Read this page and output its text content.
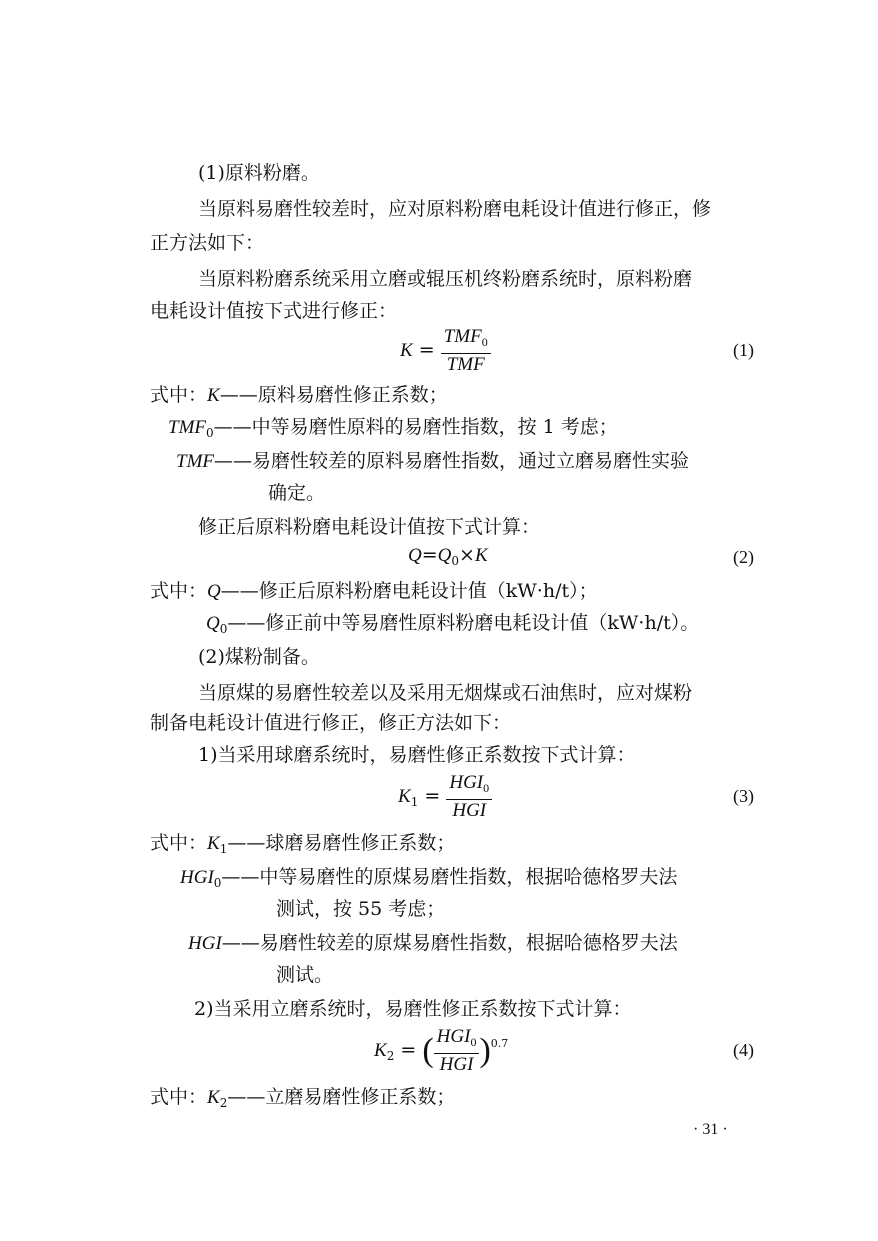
(1)原料粉磨。
当原料易磨性较差时，应对原料粉磨电耗设计值进行修正，修
正方法如下：
当原料粉磨系统采用立磨或辊压机终粉磨系统时，原料粉磨
电耗设计值按下式进行修正：
$K = \frac{TMF_0}{\text{TMF}}$	(1)
式中：K——原料易磨性修正系数；
$TMF_0——$中等易磨性原料的易磨性指数，按 1 考虑；
TMF——易磨性较差的原料易磨性指数，通过立磨易磨性实验
确定。
修正后原料粉磨电耗设计值按下式计算：
$Q=Q_0\times K$	(2)
式中：Q——修正后原料粉磨电耗设计值（kW·h/t）；
$Q_0——$修正前中等易磨性原料粉磨电耗设计值（kW·h/t）。
(2)煤粉制备。
当原煤的易磨性较差以及采用无烟煤或石油焦时，应对煤粉
制备电耗设计值进行修正，修正方法如下：
1)当采用球磨系统时，易磨性修正系数按下式计算：
$K_1 = \frac{HGI_0}{\text{HGI}}$	(3)
式中：$K_1——$球磨易磨性修正系数；
$HGI_0——$中等易磨性的原煤易磨性指数，根据哈德格罗夫法
测试，按 55 考虑；
HGI——易磨性较差的原煤易磨性指数，根据哈德格罗夫法
测试。
2)当采用立磨系统时，易磨性修正系数按下式计算：
$K_2$ = ( $\frac{HGI_0}{\text{HGI}} )^{0.7}$	(4)
式中：$K_2——$立磨易磨性修正系数；
· 31 ·
